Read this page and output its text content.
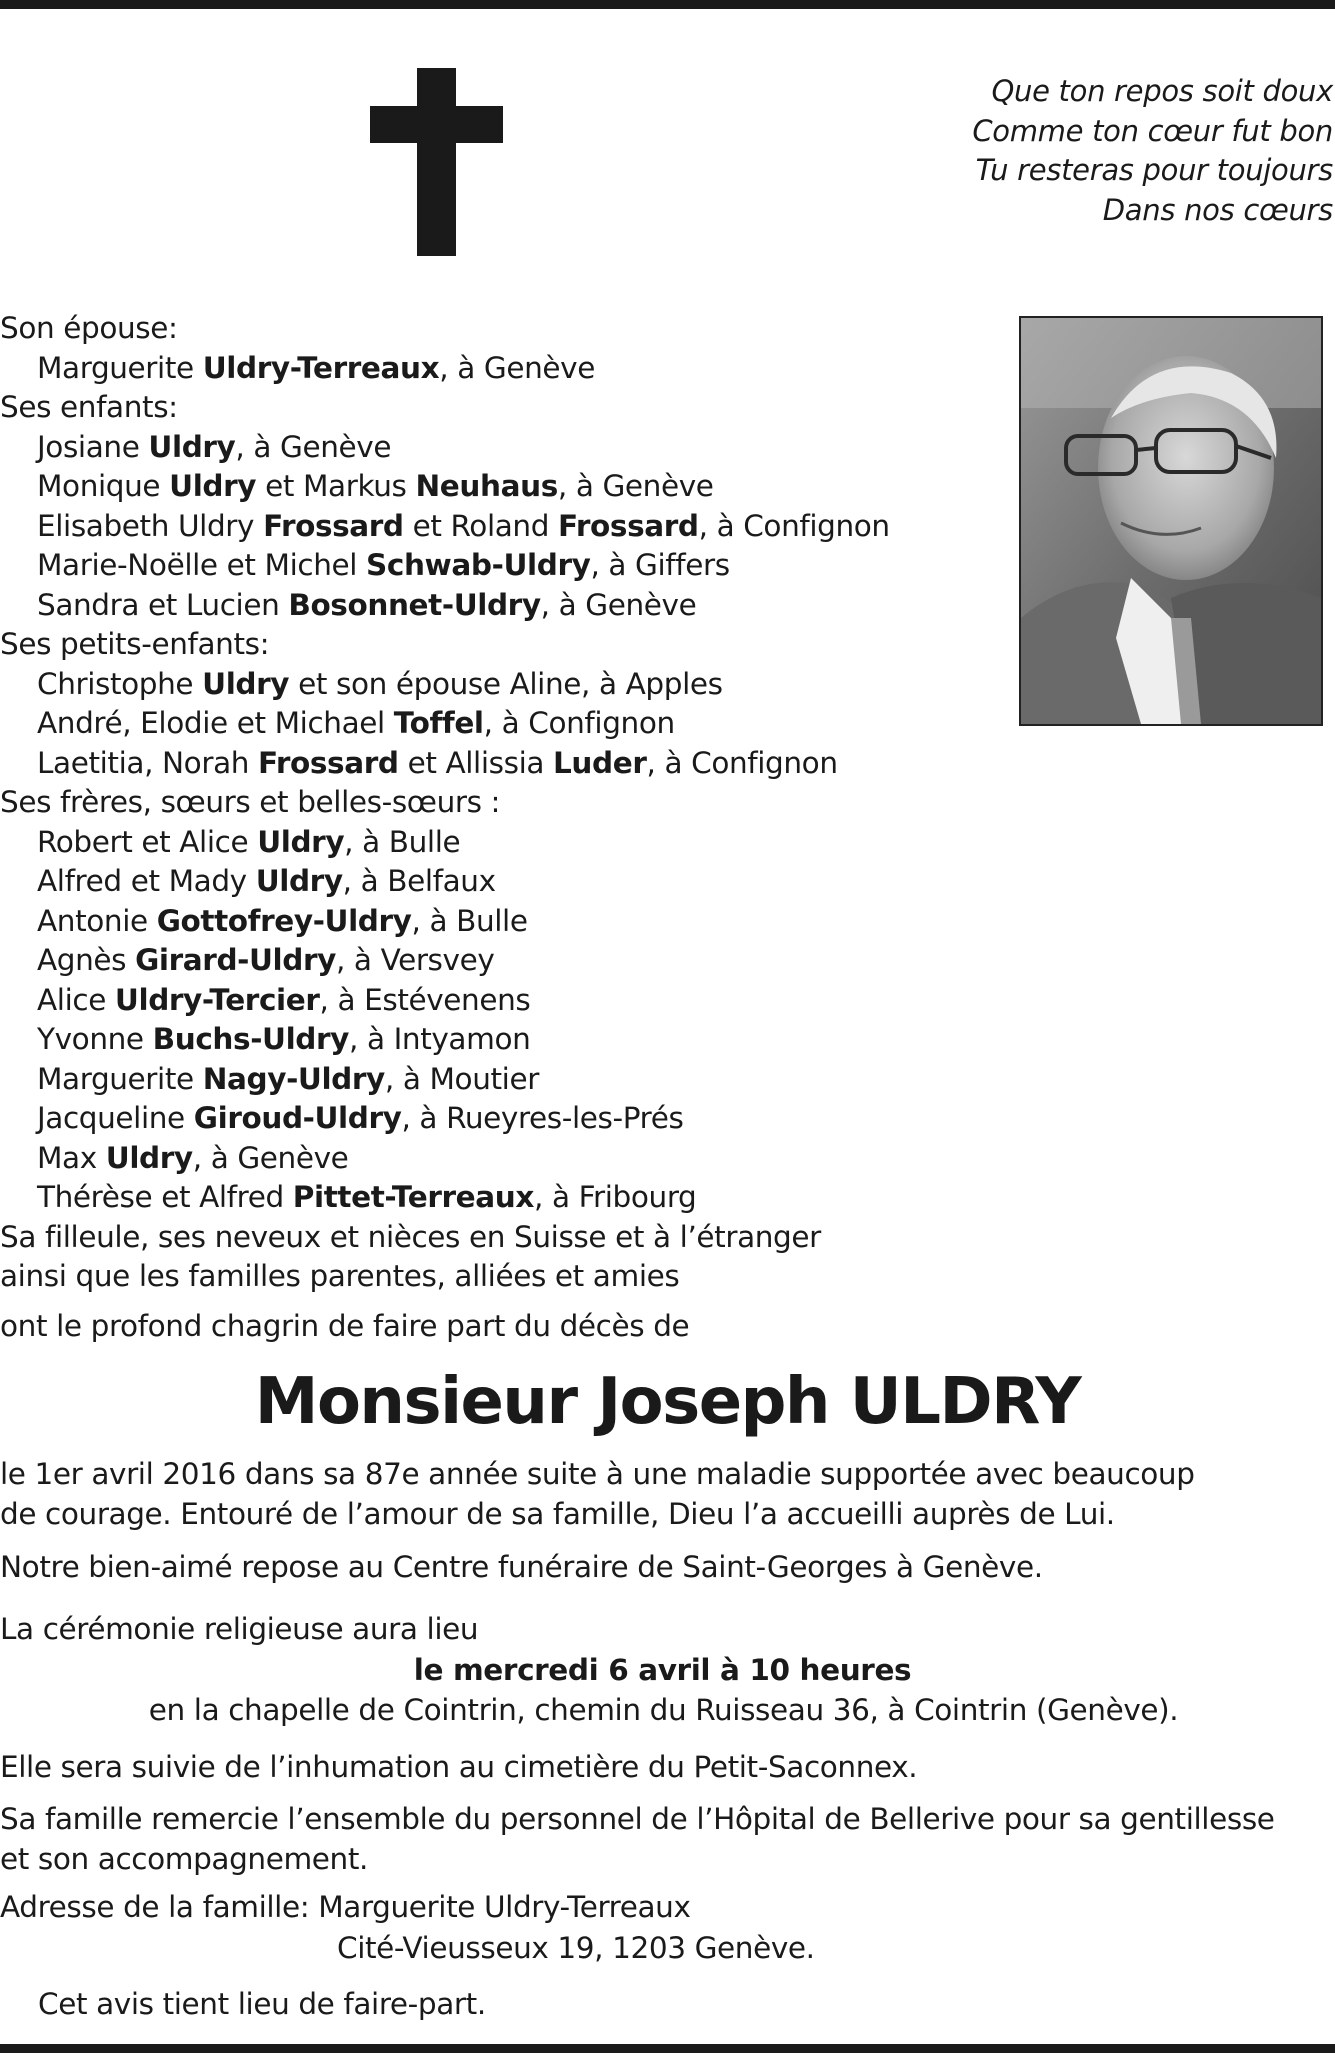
Que ton repos soit doux
Comme ton cœur fut bon
Tu resteras pour toujours
Dans nos cœurs
Son épouse:
Marguerite Uldry-Terreaux, à Genève
Ses enfants:
Josiane Uldry, à Genève
Monique Uldry et Markus Neuhaus, à Genève
Elisabeth Uldry Frossard et Roland Frossard, à Confignon
Marie-Noëlle et Michel Schwab-Uldry, à Giffers
Sandra et Lucien Bosonnet-Uldry, à Genève
Ses petits-enfants:
Christophe Uldry et son épouse Aline, à Apples
André, Elodie et Michael Toffel, à Confignon
Laetitia, Norah Frossard et Allissia Luder, à Confignon
Ses frères, sœurs et belles-sœurs :
Robert et Alice Uldry, à Bulle
Alfred et Mady Uldry, à Belfaux
Antonie Gottofrey-Uldry, à Bulle
Agnès Girard-Uldry, à Versvey
Alice Uldry-Tercier, à Estévenens
Yvonne Buchs-Uldry, à Intyamon
Marguerite Nagy-Uldry, à Moutier
Jacqueline Giroud-Uldry, à Rueyres-les-Prés
Max Uldry, à Genève
Thérèse et Alfred Pittet-Terreaux, à Fribourg
Sa filleule, ses neveux et nièces en Suisse et à l’étranger
ainsi que les familles parentes, alliées et amies
ont le profond chagrin de faire part du décès de
Monsieur Joseph ULDRY
le 1er avril 2016 dans sa 87e année suite à une maladie supportée avec beaucoup
de courage. Entouré de l’amour de sa famille, Dieu l’a accueilli auprès de Lui.
Notre bien-aimé repose au Centre funéraire de Saint-Georges à Genève.
La cérémonie religieuse aura lieu
le mercredi 6 avril à 10 heures
en la chapelle de Cointrin, chemin du Ruisseau 36, à Cointrin (Genève).
Elle sera suivie de l’inhumation au cimetière du Petit-Saconnex.
Sa famille remercie l’ensemble du personnel de l’Hôpital de Bellerive pour sa gentillesse
et son accompagnement.
Adresse de la famille: Marguerite Uldry-Terreaux
Cité-Vieusseux 19, 1203 Genève.
Cet avis tient lieu de faire-part.
